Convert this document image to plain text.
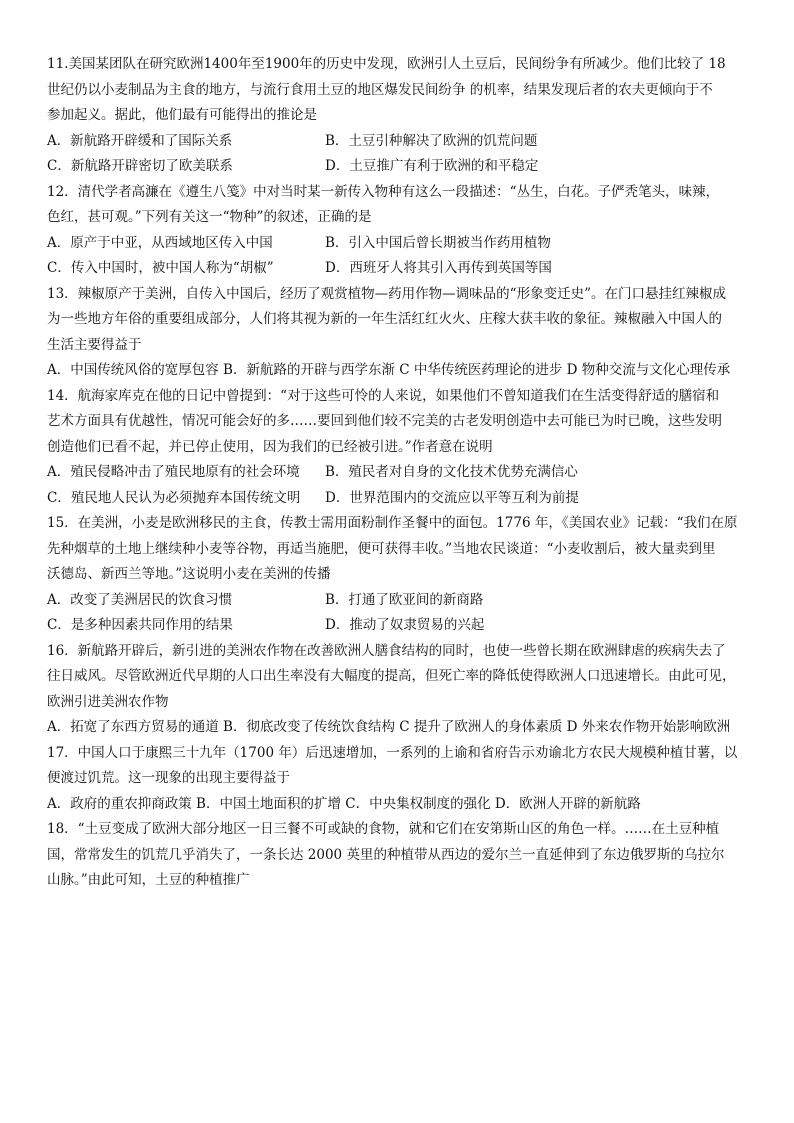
11.美国某团队在研究欧洲1400年至1900年的历史中发现，欧洲引人土豆后，民间纷争有所减少。他们比较了 18
世纪仍以小麦制品为主食的地方，与流行食用土豆的地区爆发民间纷争 的机率，结果发现后者的农夫更倾向于不
参加起义。据此，他们最有可能得出的推论是
A．新航路开辟缓和了国际关系	B．土豆引种解决了欧洲的饥荒问题
C．新航路开辟密切了欧美联系	D．土豆推广有利于欧洲的和平稳定
12．清代学者高濂在《遵生八笺》中对当时某一新传入物种有这么一段描述：“丛生，白花。子俨秃笔头，味辣，
色红，甚可观。”下列有关这一“物种”的叙述，正确的是
A．原产于中亚，从西域地区传入中国	B．引入中国后曾长期被当作药用植物
C．传入中国时，被中国人称为“胡椒”	D．西班牙人将其引入再传到英国等国
13．辣椒原产于美洲，自传入中国后，经历了观赏植物—药用作物—调味品的“形象变迁史”。在门口悬挂红辣椒成
为一些地方年俗的重要组成部分，人们将其视为新的一年生活红红火火、庄稼大获丰收的象征。辣椒融入中国人的
生活主要得益于
A．中国传统风俗的宽厚包容 B．新航路的开辟与西学东渐 C 中华传统医药理论的进步 D 物种交流与文化心理传承
14．航海家库克在他的日记中曾提到：“对于这些可怜的人来说，如果他们不曾知道我们在生活变得舒适的膳宿和
艺术方面具有优越性，情况可能会好的多……要回到他们较不完美的古老发明创造中去可能已为时已晚，这些发明
创造他们已看不起，并已停止使用，因为我们的已经被引进。”作者意在说明
A．殖民侵略冲击了殖民地原有的社会环境	B．殖民者对自身的文化技术优势充满信心
C．殖民地人民认为必须抛弃本国传统文明	D．世界范围内的交流应以平等互利为前提
15．在美洲，小麦是欧洲移民的主食，传教士需用面粉制作圣餐中的面包。1776 年，《美国农业》记载：“我们在原
先种烟草的土地上继续种小麦等谷物，再适当施肥，便可获得丰收。”当地农民谈道：“小麦收割后，被大量卖到里
沃德岛、新西兰等地。”这说明小麦在美洲的传播
A．改变了美洲居民的饮食习惯	B．打通了欧亚间的新商路
C．是多种因素共同作用的结果	D．推动了奴隶贸易的兴起
16．新航路开辟后，新引进的美洲农作物在改善欧洲人膳食结构的同时，也使一些曾长期在欧洲肆虐的疾病失去了
往日威风。尽管欧洲近代早期的人口出生率没有大幅度的提高，但死亡率的降低使得欧洲人口迅速增长。由此可见，
欧洲引进美洲农作物
A．拓宽了东西方贸易的通道 B．彻底改变了传统饮食结构 C 提升了欧洲人的身体素质 D 外来农作物开始影响欧洲
17．中国人口于康熙三十九年（1700 年）后迅速增加，一系列的上谕和省府告示劝谕北方农民大规模种植甘薯，以
便渡过饥荒。这一现象的出现主要得益于
A．政府的重农抑商政策 B．中国土地面积的扩增 C．中央集权制度的强化 D．欧洲人开辟的新航路
18．“土豆变成了欧洲大部分地区一日三餐不可或缺的食物，就和它们在安第斯山区的角色一样。……在土豆种植
国，常常发生的饥荒几乎消失了，一条长达 2000 英里的种植带从西边的爱尔兰一直延伸到了东边俄罗斯的乌拉尔
山脉。”由此可知，土豆的种植推广
